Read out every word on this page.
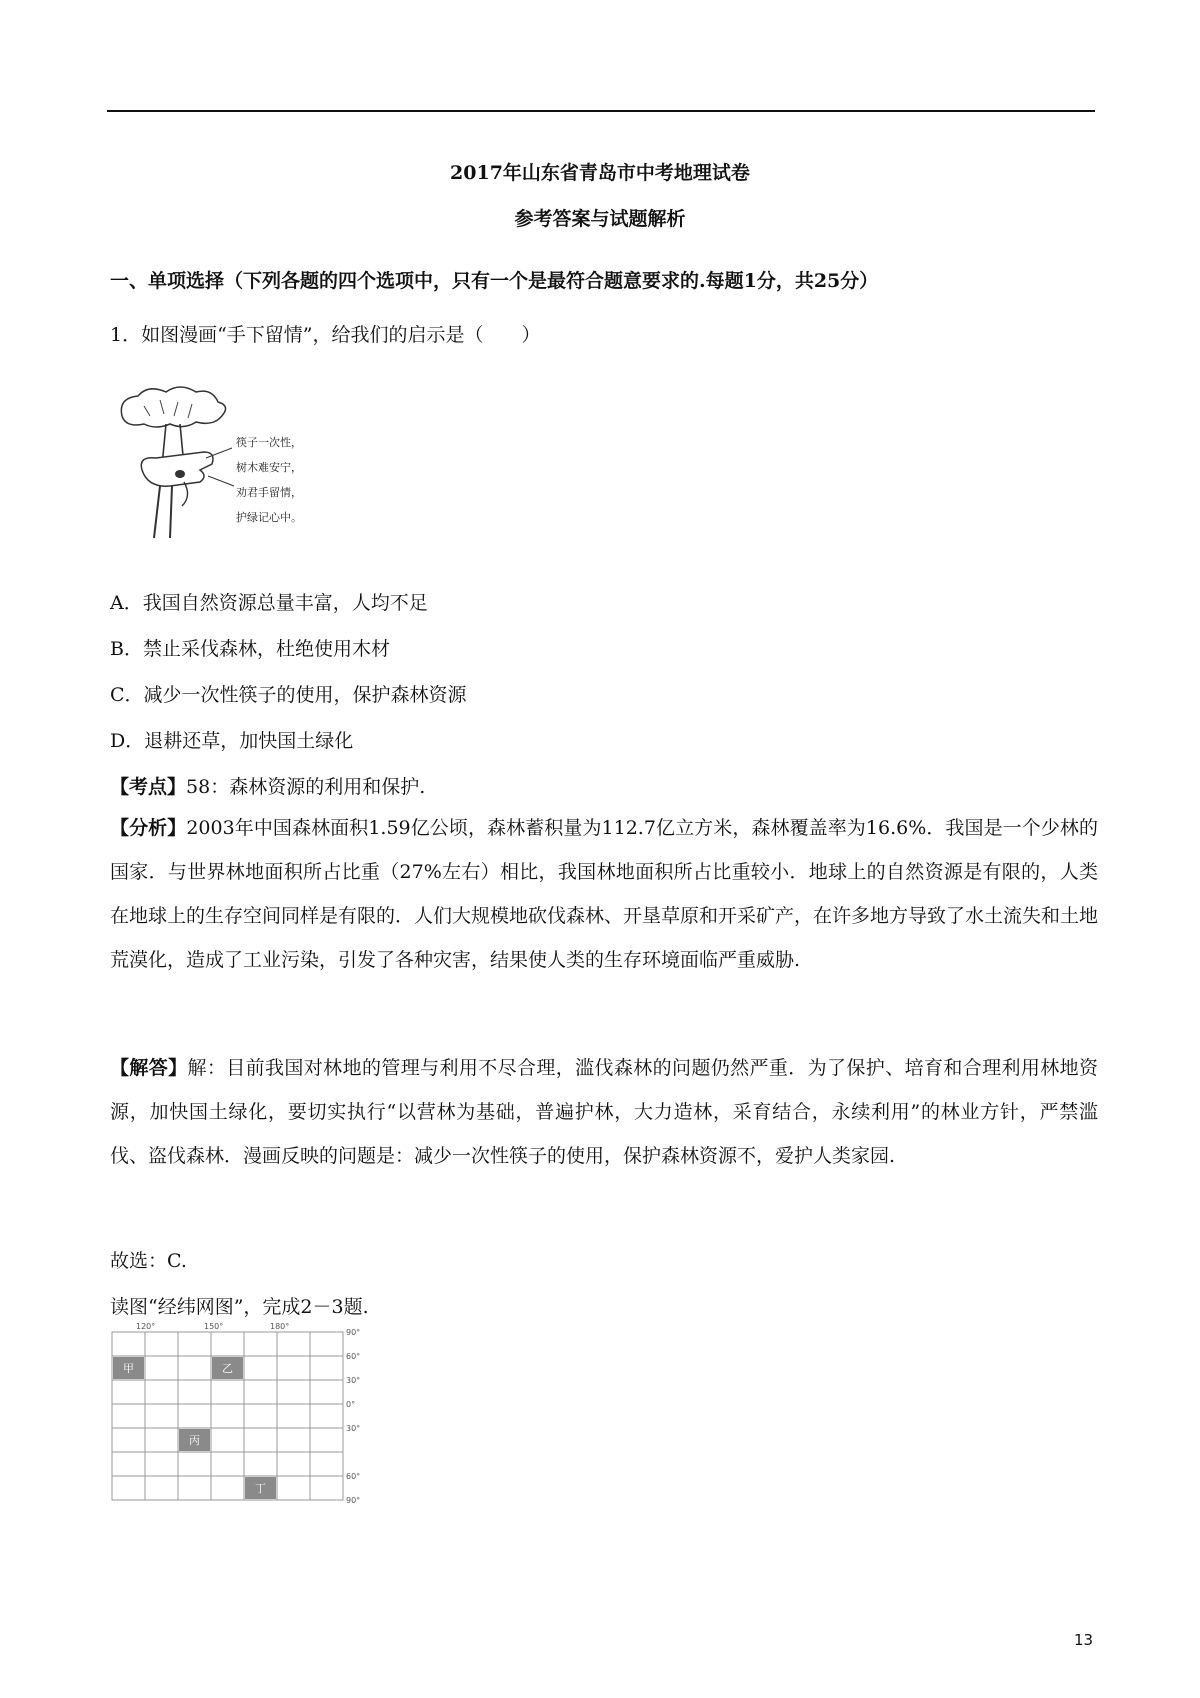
2017年山东省青岛市中考地理试卷
参考答案与试题解析
一、单项选择（下列各题的四个选项中，只有一个是最符合题意要求的.每题1分，共25分）
1．如图漫画“手下留情”，给我们的启示是（　　）
筷子一次性，
树木难安宁，
劝君手留情，
护绿记心中。
A．我国自然资源总量丰富，人均不足
B．禁止采伐森林，杜绝使用木材
C．减少一次性筷子的使用，保护森林资源
D．退耕还草，加快国土绿化
【考点】58：森林资源的利用和保护.
【分析】2003年中国森林面积1.59亿公顷，森林蓄积量为112.7亿立方米，森林覆盖率为16.6%．我国是一个少林的国家．与世界林地面积所占比重（27%左右）相比，我国林地面积所占比重较小．地球上的自然资源是有限的，人类在地球上的生存空间同样是有限的．人们大规模地砍伐森林、开垦草原和开采矿产，在许多地方导致了水土流失和土地荒漠化，造成了工业污染，引发了各种灾害，结果使人类的生存环境面临严重威胁.
【解答】解：目前我国对林地的管理与利用不尽合理，滥伐森林的问题仍然严重．为了保护、培育和合理利用林地资源，加快国土绿化，要切实执行“以营林为基础，普遍护林，大力造林，采育结合，永续利用”的林业方针，严禁滥伐、盗伐森林．漫画反映的问题是：减少一次性筷子的使用，保护森林资源不，爱护人类家园.
故选：C.
读图“经纬网图”，完成2－3题.
甲	乙
丙
丁
120°	150°	180°
90°
60°
30°
0°
30°
60°
90°
13
